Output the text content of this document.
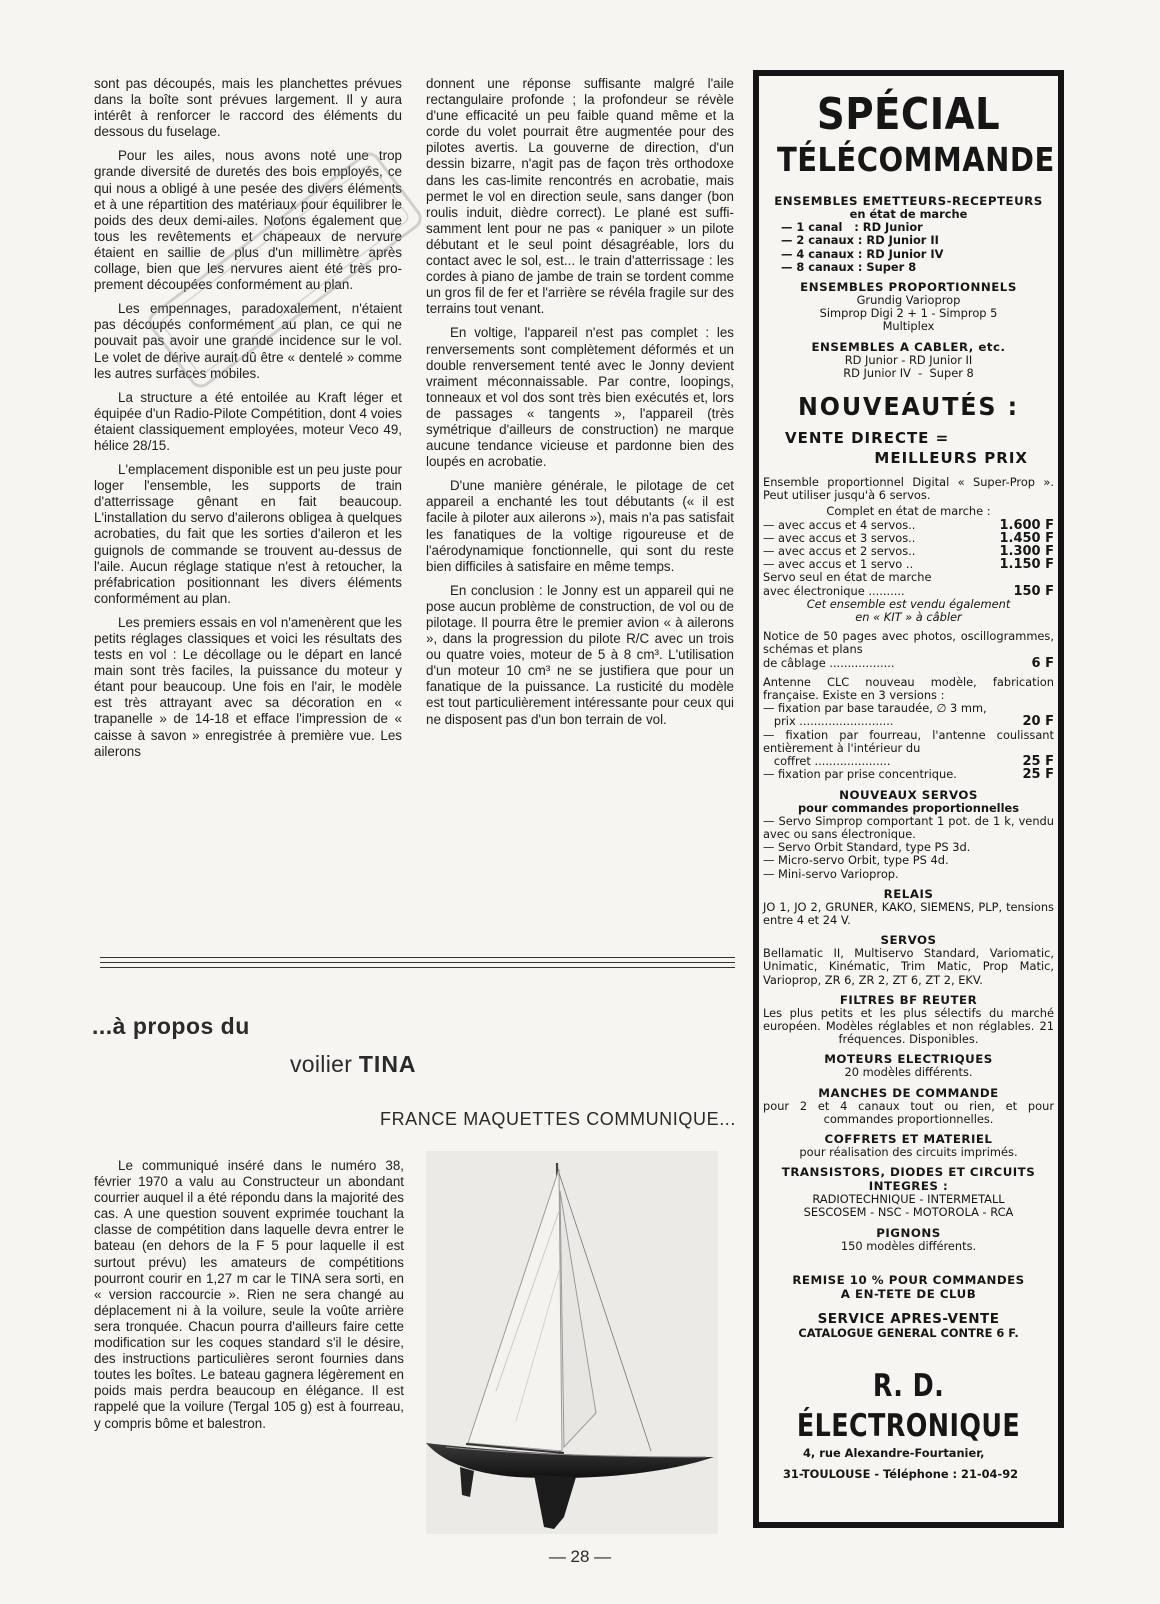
sont pas découpés, mais les planchettes prévues dans la boîte sont prévues largement. Il y aura intérêt à renforcer le raccord des éléments du dessous du fuselage.

Pour les ailes, nous avons noté une trop grande diversité de duretés des bois employés, ce qui nous a obligé à une pesée des divers éléments et à une répartition des matériaux pour équilibrer le poids des deux demi-ailes. Notons également que tous les revêtements et chapeaux de nervure étaient en saillie de plus d'un millimètre après collage, bien que les nervures aient été très proprement découpées conformément au plan.

Les empennages, paradoxalement, n'étaient pas découpés conformément au plan, ce qui ne pouvait pas avoir une grande incidence sur le vol. Le volet de dérive aurait dû être « dentelé » comme les autres surfaces mobiles.

La structure a été entoilée au Kraft léger et équipée d'un Radio-Pilote Compétition, dont 4 voies étaient classiquement employées, moteur Veco 49, hélice 28/15.

L'emplacement disponible est un peu juste pour loger l'ensemble, les supports de train d'atterrissage gênant en fait beaucoup. L'installation du servo d'ailerons obligea à quelques acrobaties, du fait que les sorties d'aileron et les guignols de commande se trouvent au-dessus de l'aile. Aucun réglage statique n'est à retoucher, la préfabrication positionnant les divers éléments conformément au plan.

Les premiers essais en vol n'amenèrent que les petits réglages classiques et voici les résultats des tests en vol : Le décollage ou le départ en lancé main sont très faciles, la puissance du moteur y étant pour beaucoup. Une fois en l'air, le modèle est très attrayant avec sa décoration en « trapanelle » de 14-18 et efface l'impression de « caisse à savon » enregistrée à première vue. Les ailerons

donnent une réponse suffisante malgré l'aile rectangulaire profonde ; la profondeur se révèle d'une efficacité un peu faible quand même et la corde du volet pourrait être augmentée pour des pilotes avertis. La gouverne de direction, d'un dessin bizarre, n'agit pas de façon très orthodoxe dans les cas-limite rencontrés en acrobatie, mais permet le vol en direction seule, sans danger (bon roulis induit, dièdre correct). Le plané est suffisamment lent pour ne pas « paniquer » un pilote débutant et le seul point désagréable, lors du contact avec le sol, est... le train d'atterrissage : les cordes à piano de jambe de train se tordent comme un gros fil de fer et l'arrière se révéla fragile sur des terrains tout venant.

En voltige, l'appareil n'est pas complet : les renversements sont complètement déformés et un double renversement tenté avec le Jonny devient vraiment méconnaissable. Par contre, loopings, tonneaux et vol dos sont très bien exécutés et, lors de passages « tangents », l'appareil (très symétrique d'ailleurs de construction) ne marque aucune tendance vicieuse et pardonne bien des loupés en acrobatie.

D'une manière générale, le pilotage de cet appareil a enchanté les tout débutants (« il est facile à piloter aux ailerons »), mais n'a pas satisfait les fanatiques de la voltige rigoureuse et de l'aérodynamique fonctionnelle, qui sont du reste bien difficiles à satisfaire en même temps.

En conclusion : le Jonny est un appareil qui ne pose aucun problème de construction, de vol ou de pilotage. Il pourra être le premier avion « à ailerons », dans la progression du pilote R/C avec un trois ou quatre voies, moteur de 5 à 8 cm³. L'utilisation d'un moteur 10 cm³ ne se justifiera que pour un fanatique de la puissance. La rusticité du modèle est tout particulièrement intéressante pour ceux qui ne disposent pas d'un bon terrain de vol.

...à propos du
voilier TINA
FRANCE MAQUETTES COMMUNIQUE...

Le communiqué inséré dans le numéro 38, février 1970 a valu au Constructeur un abondant courrier auquel il a été répondu dans la majorité des cas. A une question souvent exprimée touchant la classe de compétition dans laquelle devra entrer le bateau (en dehors de la F 5 pour laquelle il est surtout prévu) les amateurs de compétitions pourront courir en 1,27 m car le TINA sera sorti, en « version raccourcie ». Rien ne sera changé au déplacement ni à la voilure, seule la voûte arrière sera tronquée. Chacun pourra d'ailleurs faire cette modification sur les coques standard s'il le désire, des instructions particulières seront fournies dans toutes les boîtes. Le bateau gagnera légèrement en poids mais perdra beaucoup en élégance. Il est rappelé que la voilure (Tergal 105 g) est à fourreau, y compris bôme et balestron.

SPÉCIAL
TÉLÉCOMMANDE
ENSEMBLES EMETTEURS-RECEPTEURS
en état de marche
— 1 canal   : RD Junior
— 2 canaux : RD Junior II
— 4 canaux : RD Junior IV
— 8 canaux : Super 8
ENSEMBLES PROPORTIONNELS
Grundig Varioprop
Simprop Digi 2 + 1 - Simprop 5
Multiplex
ENSEMBLES A CABLER, etc.
RD Junior - RD Junior II
RD Junior IV  -  Super 8
NOUVEAUTÉS :
VENTE DIRECTE =
MEILLEURS PRIX
Ensemble proportionnel Digital « Super-Prop ». Peut utiliser jusqu'à 6 servos.
Complet en état de marche :
— avec accus et 4 servos..	1.600 F
— avec accus et 3 servos..	1.450 F
— avec accus et 2 servos..	1.300 F
— avec accus et 1 servo ..	1.150 F
Servo seul en état de marche
avec électronique ..........	150 F
Cet ensemble est vendu également
en « KIT » à câbler
Notice de 50 pages avec photos, oscillogrammes, schémas et plans
de câblage ..................	6 F
Antenne CLC nouveau modèle, fabrication française. Existe en 3 versions :
— fixation par base taraudée, ∅ 3 mm,
prix ..........................	20 F
— fixation par fourreau, l'antenne coulissant entièrement à l'intérieur du
coffret .....................	25 F
— fixation par prise concentrique.	25 F
NOUVEAUX SERVOS
pour commandes proportionnelles
— Servo Simprop comportant 1 pot. de 1 k, vendu avec ou sans électronique.
— Servo Orbit Standard, type PS 3d.
— Micro-servo Orbit, type PS 4d.
— Mini-servo Varioprop.
RELAIS
JO 1, JO 2, GRUNER, KAKO, SIEMENS, PLP, tensions entre 4 et 24 V.
SERVOS
Bellamatic II, Multiservo Standard, Variomatic, Unimatic, Kinématic, Trim Matic, Prop Matic, Varioprop, ZR 6, ZR 2, ZT 6, ZT 2, EKV.
FILTRES BF REUTER
Les plus petits et les plus sélectifs du marché européen. Modèles réglables et non réglables. 21 fréquences. Disponibles.
MOTEURS ELECTRIQUES
20 modèles différents.
MANCHES DE COMMANDE
pour 2 et 4 canaux tout ou rien, et pour commandes proportionnelles.
COFFRETS ET MATERIEL
pour réalisation des circuits imprimés.
TRANSISTORS, DIODES ET CIRCUITS
INTEGRES :
RADIOTECHNIQUE - INTERMETALL
SESCOSEM - NSC - MOTOROLA - RCA
PIGNONS
150 modèles différents.
REMISE 10 % POUR COMMANDES
A EN-TETE DE CLUB
SERVICE APRES-VENTE
CATALOGUE GENERAL CONTRE 6 F.
R. D. ÉLECTRONIQUE
4, rue Alexandre-Fourtanier,
31-TOULOUSE - Téléphone : 21-04-92
— 28 —
